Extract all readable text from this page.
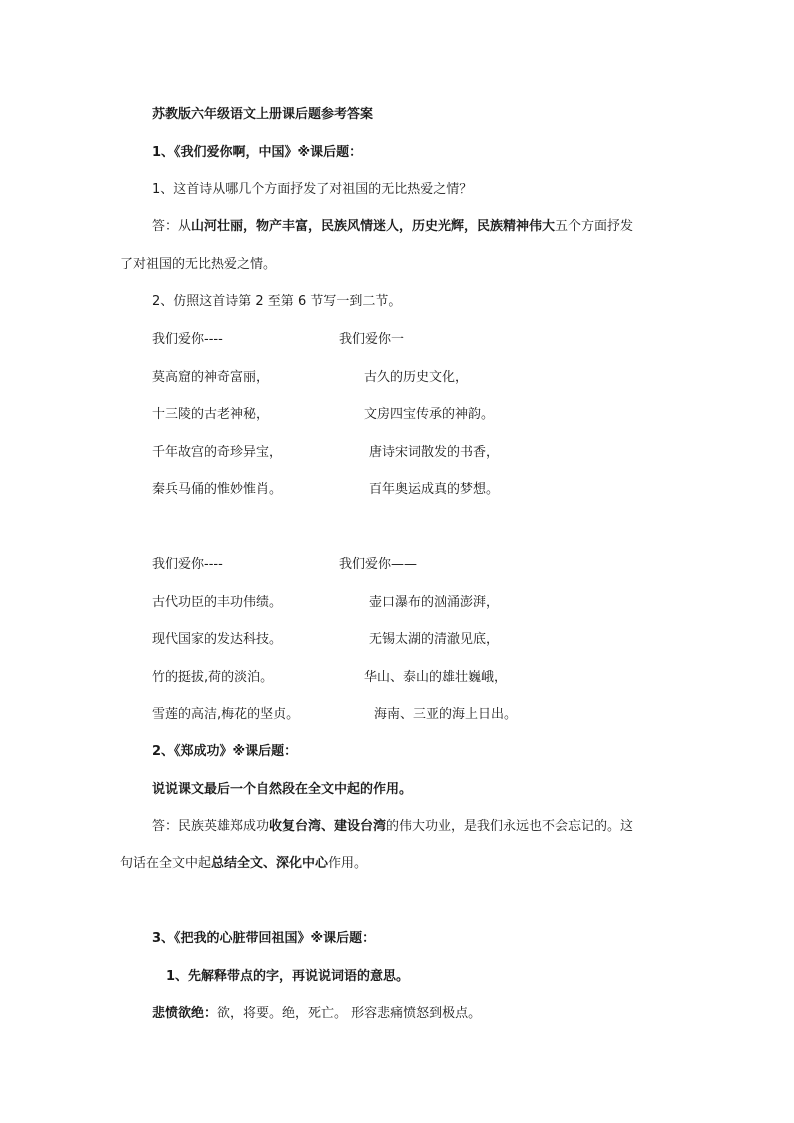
苏教版六年级语文上册课后题参考答案
1、《我们爱你啊，中国》※课后题：
1、这首诗从哪几个方面抒发了对祖国的无比热爱之情？
答：从山河壮丽，物产丰富，民族风情迷人，历史光辉，民族精神伟大五个方面抒发
了对祖国的无比热爱之情。
2、仿照这首诗第 2 至第 6 节写一到二节。
我们爱你----	我们爱你一
莫高窟的神奇富丽，	古久的历史文化，
十三陵的古老神秘，	文房四宝传承的神韵。
千年故宫的奇珍异宝，	唐诗宋词散发的书香，
秦兵马俑的惟妙惟肖。	百年奥运成真的梦想。
我们爱你----	我们爱你——
古代功臣的丰功伟绩。	壶口瀑布的汹涌澎湃，
现代国家的发达科技。	无锡太湖的清澈见底，
竹的挺拔,荷的淡泊。	华山、泰山的雄壮巍峨，
雪莲的高洁,梅花的坚贞。	海南、三亚的海上日出。
2、《郑成功》※课后题：
说说课文最后一个自然段在全文中起的作用。
答：民族英雄郑成功收复台湾、建设台湾的伟大功业，是我们永远也不会忘记的。这
句话在全文中起总结全文、深化中心作用。
3、《把我的心脏带回祖国》※课后题：
1、先解释带点的字，再说说词语的意思。
悲愤欲绝：欲，将要。绝，死亡。 形容悲痛愤怒到极点。
